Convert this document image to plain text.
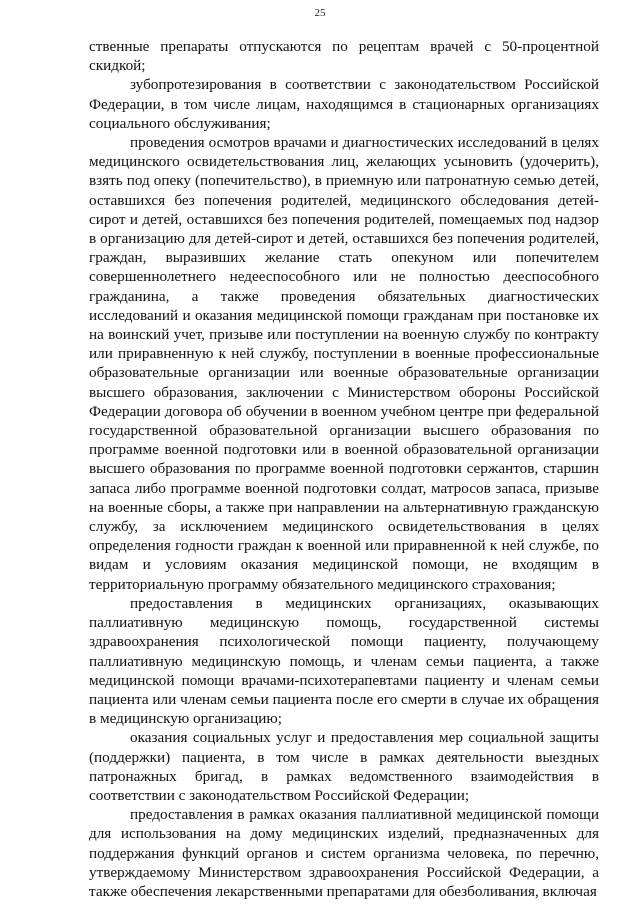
25

ственные препараты отпускаются по рецептам врачей с 50-процентной скидкой;

зубопротезирования в соответствии с законодательством Российской Федерации, в том числе лицам, находящимся в стационарных организациях социального обслуживания;

проведения осмотров врачами и диагностических исследований в целях медицинского освидетельствования лиц, желающих усыновить (удочерить), взять под опеку (попечительство), в приемную или патронатную семью детей, оставшихся без попечения родителей, медицинского обследования детей-сирот и детей, оставшихся без попечения родителей, помещаемых под надзор в организацию для детей-сирот и детей, оставшихся без попечения родителей, граждан, выразивших желание стать опекуном или попечителем совершеннолетнего недееспособного или не полностью дееспособного гражданина, а также проведения обязательных диагностических исследований и оказания медицинской помощи гражданам при постановке их на воинский учет, призыве или поступлении на военную службу по контракту или приравненную к ней службу, поступлении в военные профессиональные образовательные организации или военные образовательные организации высшего образования, заключении с Министерством обороны Российской Федерации договора об обучении в военном учебном центре при федеральной государственной образовательной организации высшего образования по программе военной подготовки или в военной образовательной организации высшего образования по программе военной подготовки сержантов, старшин запаса либо программе военной подготовки солдат, матросов запаса, призыве на военные сборы, а также при направлении на альтернативную гражданскую службу, за исключением медицинского освидетельствования в целях определения годности граждан к военной или приравненной к ней службе, по видам и условиям оказания медицинской помощи, не входящим в территориальную программу обязательного медицинского страхования;

предоставления в медицинских организациях, оказывающих паллиативную медицинскую помощь, государственной системы здравоохранения психологической помощи пациенту, получающему паллиативную медицинскую помощь, и членам семьи пациента, а также медицинской помощи врачами-психотерапевтами пациенту и членам семьи пациента или членам семьи пациента после его смерти в случае их обращения в медицинскую организацию;

оказания социальных услуг и предоставления мер социальной защиты (поддержки) пациента, в том числе в рамках деятельности выездных патронажных бригад, в рамках ведомственного взаимодействия в соответствии с законодательством Российской Федерации;

предоставления в рамках оказания паллиативной медицинской помощи для использования на дому медицинских изделий, предназначенных для поддержания функций органов и систем организма человека, по перечню, утверждаемому Министерством здравоохранения Российской Федерации, а также обеспечения лекарственными препаратами для обезболивания, включая
